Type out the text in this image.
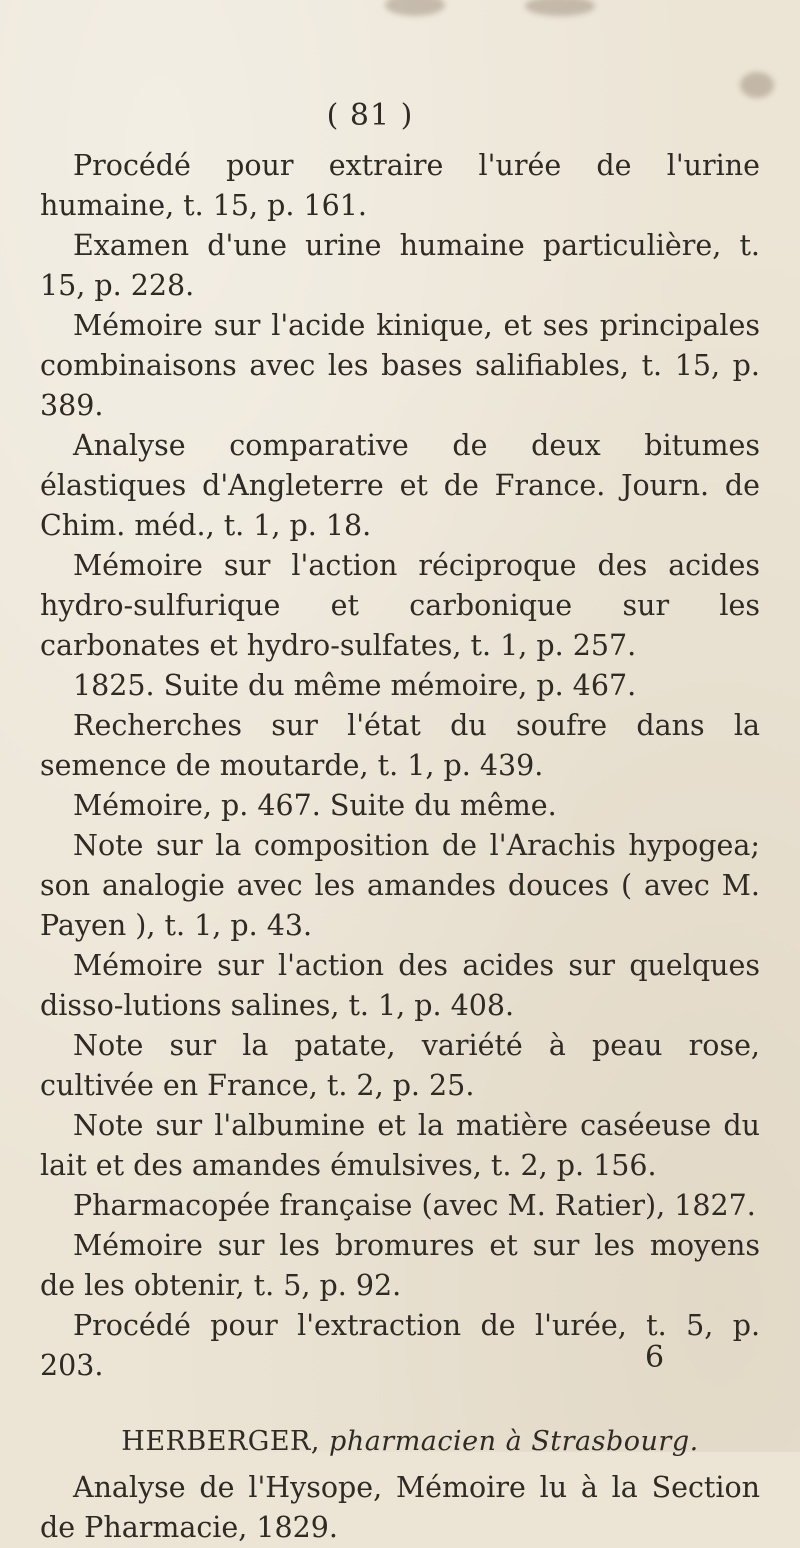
( 81 )

Procédé pour extraire l'urée de l'urine humaine, t. 15, p. 161.

Examen d'une urine humaine particulière, t. 15, p. 228.

Mémoire sur l'acide kinique, et ses principales combinaisons avec les bases salifiables, t. 15, p. 389.

Analyse comparative de deux bitumes élastiques d'Angleterre et de France. Journ. de Chim. méd., t. 1, p. 18.

Mémoire sur l'action réciproque des acides hydro-sulfurique et carbonique sur les carbonates et hydro-sulfates, t. 1, p. 257.

1825. Suite du même mémoire, p. 467.

Recherches sur l'état du soufre dans la semence de moutarde, t. 1, p. 439.

Mémoire, p. 467. Suite du même.

Note sur la composition de l'Arachis hypogea; son analogie avec les amandes douces ( avec M. Payen ), t. 1, p. 43.

Mémoire sur l'action des acides sur quelques disso-lutions salines, t. 1, p. 408.

Note sur la patate, variété à peau rose, cultivée en France, t. 2, p. 25.

Note sur l'albumine et la matière caséeuse du lait et des amandes émulsives, t. 2, p. 156.

Pharmacopée française (avec M. Ratier), 1827.

Mémoire sur les bromures et sur les moyens de les obtenir, t. 5, p. 92.

Procédé pour l'extraction de l'urée, t. 5, p. 203.

HERBERGER, pharmacien à Strasbourg.

Analyse de l'Hysope, Mémoire lu à la Section de Pharmacie, 1829.

6
